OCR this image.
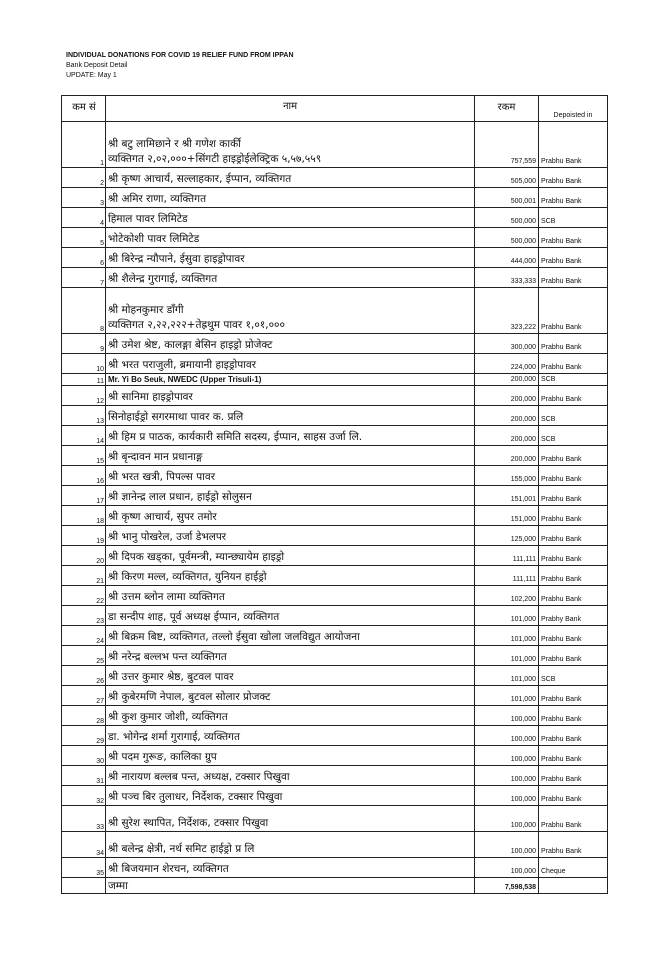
INDIVIDUAL DONATIONS FOR COVID 19 RELIEF FUND FROM IPPAN
Bank Deposit Detail
UPDATE: May 1
कम सं	नाम	रकम	Depoisted in
1	श्री बटु लामिछाने र श्री गणेश कार्की
व्यक्तिगत २,०२,०००+सिंगटी हाइड्रोईलेक्ट्रिक ५,५७,५५९	757,559	Prabhu Bank
2	श्री कृष्ण आचार्य, सल्लाहकार, ईप्पान, व्यक्तिगत	505,000	Prabhu Bank
3	श्री अमिर राणा, व्यक्तिगत	500,001	Prabhu Bank
4	हिमाल पावर लिमिटेड	500,000	SCB
5	भोटेकोशी पावर लिमिटेड	500,000	Prabhu Bank
6	श्री बिरेन्द्र न्यौपाने, ईसुवा हाइड्रोपावर	444,000	Prabhu Bank
7	श्री शैलेन्द्र गुरागाई, व्यक्तिगत	333,333	Prabhu Bank
8	श्री मोहनकुमार डाँगी
व्यक्तिगत २,२२,२२२+तेह्रथुम पावर १,०१,०००	323,222	Prabhu Bank
9	श्री उमेश श्रेष्ट, कालङ्गा बेसिन हाइड्रो प्रोजेक्ट	300,000	Prabhu Bank
10	श्री भरत पराजुली, ब्रमायानी हाइड्रोपावर	224,000	Prabhu Bank
11	Mr. Yi Bo Seuk, NWEDC (Upper Trisuli-1)	200,000	SCB
12	श्री सानिमा हाइड्रोपावर	200,000	Prabhu Bank
13	सिनोहाईड्रो सगरमाथा पावर क. प्रलि	200,000	SCB
14	श्री हिम प्र पाठक, कार्यकारी समिति सदस्य, ईप्पान, साहस उर्जा लि.	200,000	SCB
15	श्री बृन्दावन मान प्रधानाङ्ग	200,000	Prabhu Bank
16	श्री भरत खत्री, पिपल्स पावर	155,000	Prabhu Bank
17	श्री ज्ञानेन्द्र लाल प्रधान, हाईड्रो सोलुसन	151,001	Prabhu Bank
18	श्री कृष्ण आचार्य, सुपर तमोर	151,000	Prabhu Bank
19	श्री भानु पोखरेल, उर्जा डेभलपर	125,000	Prabhu Bank
20	श्री दिपक खड्का, पूर्वमन्त्री, म्यान्छ्यायेम हाइड्रो	111,111	Prabhu Bank
21	श्री किरण मल्ल, व्यक्तिगत, युनियन हाईड्रो	111,111	Prabhu Bank
22	श्री उत्तम ब्लोन लामा व्यक्तिगत	102,200	Prabhu Bank
23	डा सन्दीप शाह, पूर्व अध्यक्ष ईप्पान, व्यक्तिगत	101,000	Prabhy Bank
24	श्री बिक्रम बिष्ट, व्यक्तिगत, तल्लो ईसुवा खोला जलविद्युत आयोजना	101,000	Prabhu Bank
25	श्री नरेन्द्र बल्लभ पन्त व्यक्तिगत	101,000	Prabhu Bank
26	श्री उत्तर कुमार श्रेष्ठ, बुटवल पावर	101,000	SCB
27	श्री कुबेरमणि नेपाल, बुटवल सोलार प्रोजक्ट	101,000	Prabhu Bank
28	श्री कुश कुमार जोशी, व्यक्तिगत	100,000	Prabhu Bank
29	डा. भोगेन्द्र शर्मा गुरागाई, व्यक्तिगत	100,000	Prabhu Bank
30	श्री पदम गुरूङ, कालिका ग्रुप	100,000	Prabhu Bank
31	श्री नारायण बल्लब पन्त, अध्यक्ष, टक्सार पिखुवा	100,000	Prabhu Bank
32	श्री पञ्च बिर तुलाधर, निर्देशक, टक्सार पिखुवा	100,000	Prabhu Bank
33	श्री सुरेश स्थापित, निर्देशक, टक्सार पिखुवा	100,000	Prabhu Bank
34	श्री बलेन्द्र क्षेत्री, नर्थ समिट हाईड्रो प्र लि	100,000	Prabhu Bank
35	श्री बिजयमान शेरचन, व्यक्तिगत	100,000	Cheque
	जम्मा	7,598,538	
